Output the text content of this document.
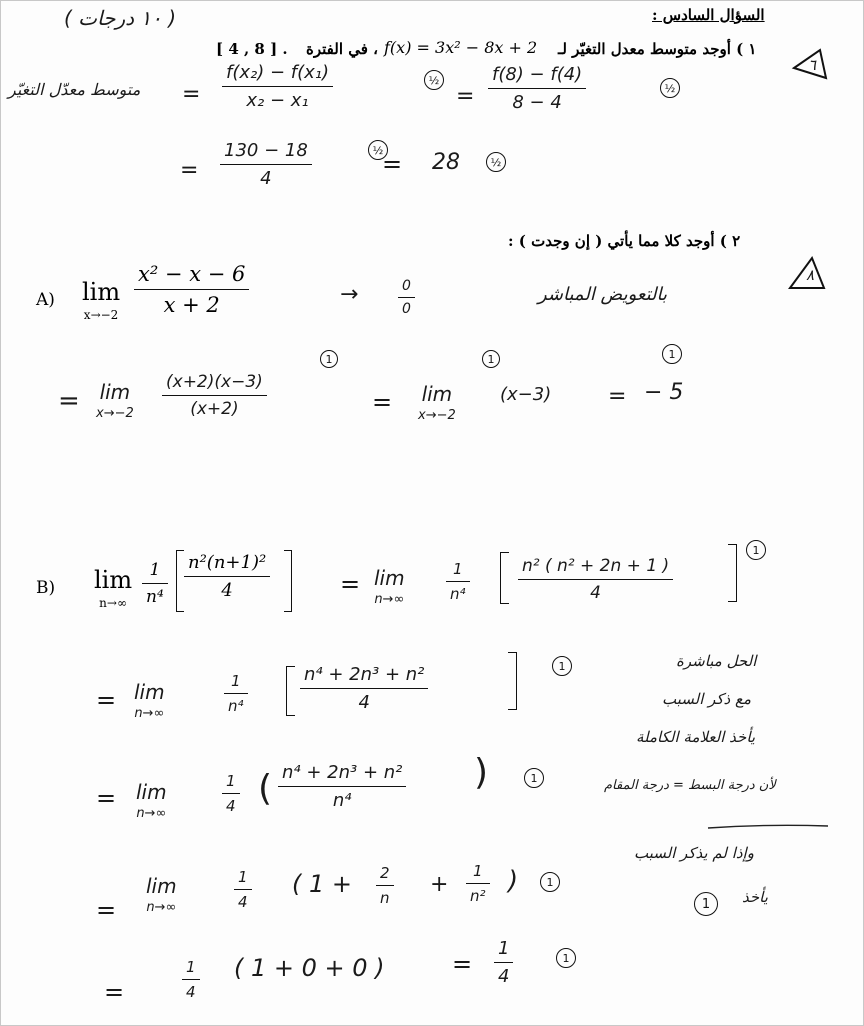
( ١٠ درجات )	السؤال السادس :
[ 4 , 8 ] . ، في الفترة f(x) = 3x² − 8x + 2 ١ ) أوجد متوسط معدل التغيّر لـ
٦
متوسط معدّل التغيّر =
f(x₂) − f(x₁)
x₂ − x₁
½
=
f(8) − f(4)
8 − 4
½
=
130 − 18
4
½
= 28	½
٢ ) أوجد كلا مما يأتي ( إن وجدت ) :
٨
A) lim
x→−2
x² − x − 6
x + 2	→	0
0
بالتعويض المباشر
= lim
x→−2
(x+2)(x−3)
(x+2)
1
= lim
x→−2
1
(x−3)	=
1
− 5
B) lim
n→∞
1
n⁴
n²(n+1)²
4	= lim
n→∞
1
n⁴
n² ( n² + 2n + 1 )
4
1
= lim
n→∞
1
n⁴
n⁴ + 2n³ + n²
4
1
= lim
n→∞
1
4 ( n⁴ + 2n³ + n²
n⁴
)	1
=
lim
n→∞
1
4
( 1 + 2
n
+
1
n² )	1
=
1
4
( 1 + 0 + 0 )	=
1
4
1
الحل مباشرة
مع ذكر السبب
يأخذ العلامة الكاملة
لأن درجة البسط = درجة المقام
وإذا لم يذكر السبب
يأخذ
1
